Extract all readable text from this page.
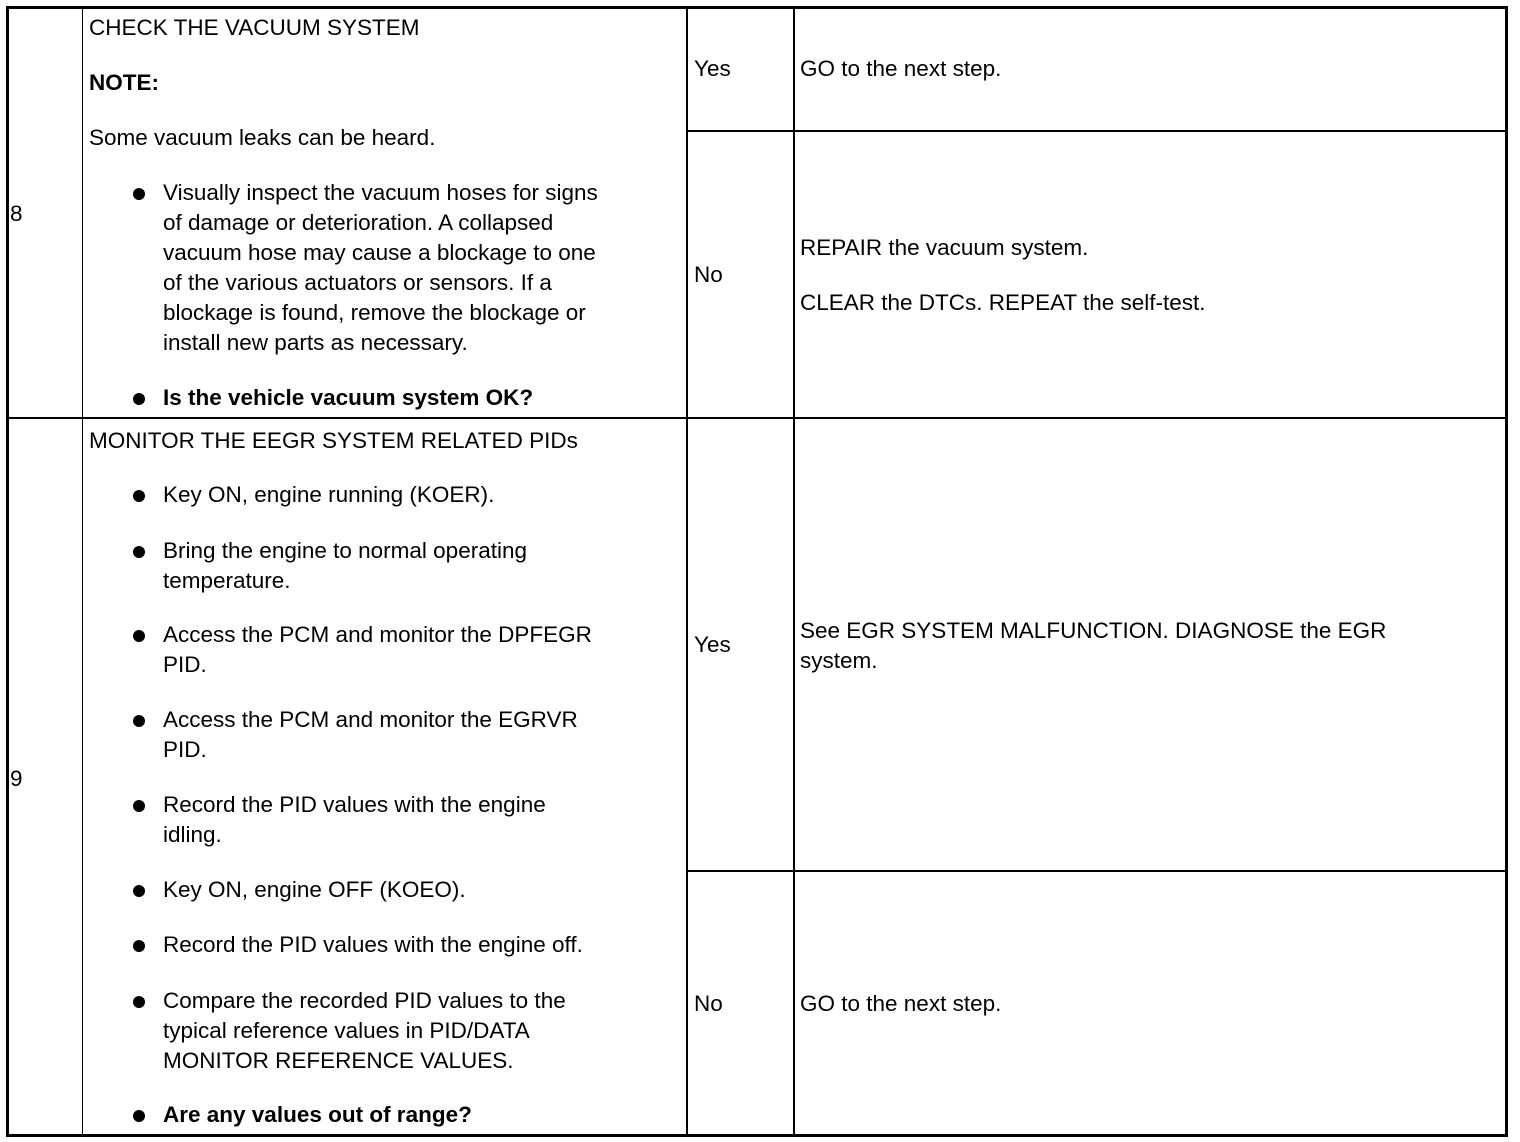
8

CHECK THE VACUUM SYSTEM

NOTE:

Some vacuum leaks can be heard.

Visually inspect the vacuum hoses for signs

of damage or deterioration. A collapsed

vacuum hose may cause a blockage to one

of the various actuators or sensors. If a

blockage is found, remove the blockage or

install new parts as necessary.

Is the vehicle vacuum system OK?

Yes	GO to the next step.

No

REPAIR the vacuum system.

CLEAR the DTCs. REPEAT the self-test.

9

MONITOR THE EEGR SYSTEM RELATED PIDs

Key ON, engine running (KOER).

Bring the engine to normal operating

temperature.

Access the PCM and monitor the DPFEGR

PID.

Access the PCM and monitor the EGRVR

PID.

Record the PID values with the engine

idling.

Key ON, engine OFF (KOEO).

Record the PID values with the engine off.

Compare the recorded PID values to the

typical reference values in PID/DATA

MONITOR REFERENCE VALUES.

Are any values out of range?

Yes

See EGR SYSTEM MALFUNCTION. DIAGNOSE the EGR

system.

No	GO to the next step.
